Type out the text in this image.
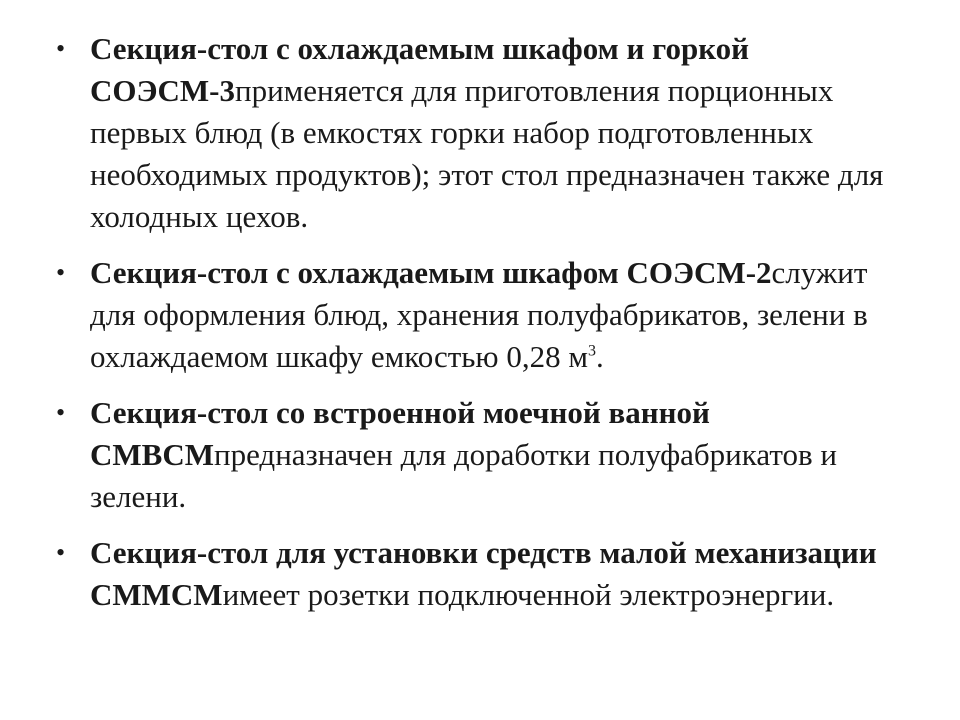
• Секция-стол с охлаждаемым шкафом и горкой СОЭСМ-3применяется для приготовления порционных первых блюд (в емкостях горки набор подготовленных необходимых продуктов); этот стол предназначен также для холодных цехов.
• Секция-стол с охлаждаемым шкафом СОЭСМ-2служит для оформления блюд, хранения полуфабрикатов, зелени в охлаждаемом шкафу емкостью 0,28 $м^3$.
• Секция-стол со встроенной моечной ванной СМВСМпредназначен для доработки полуфабрикатов и зелени.
• Секция-стол для установки средств малой механизации СММСМимеет розетки подключенной электроэнергии.
